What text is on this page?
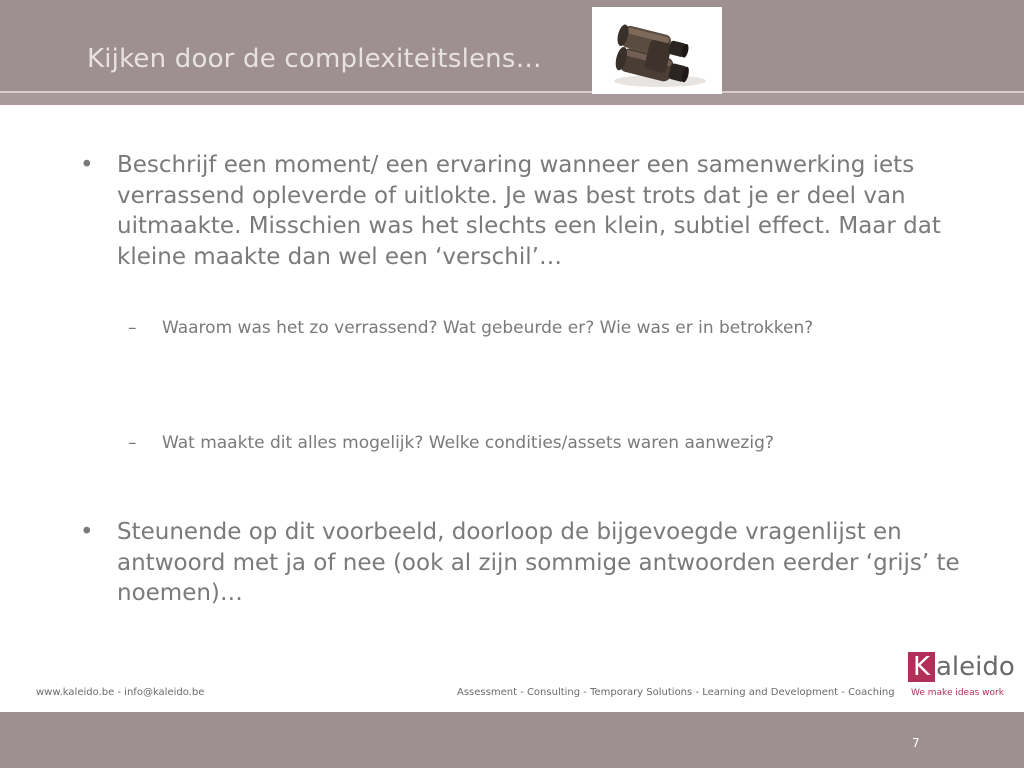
Kijken door de complexiteitslens…
• Beschrijf een moment/ een ervaring wanneer een samenwerking iets verrassend opleverde of uitlokte. Je was best trots dat je er deel van uitmaakte. Misschien was het slechts een klein, subtiel effect. Maar dat kleine maakte dan wel een ‘verschil’…
– Waarom was het zo verrassend? Wat gebeurde er? Wie was er in betrokken?
– Wat maakte dit alles mogelijk? Welke condities/assets waren aanwezig?
• Steunende op dit voorbeeld, doorloop de bijgevoegde vragenlijst en antwoord met ja of nee (ook al zijn sommige antwoorden eerder ‘grijs’ te noemen)…
www.kaleido.be - info@kaleido.be	Assessment - Consulting - Temporary Solutions - Learning and Development - Coaching
K aleido
We make ideas work
7
